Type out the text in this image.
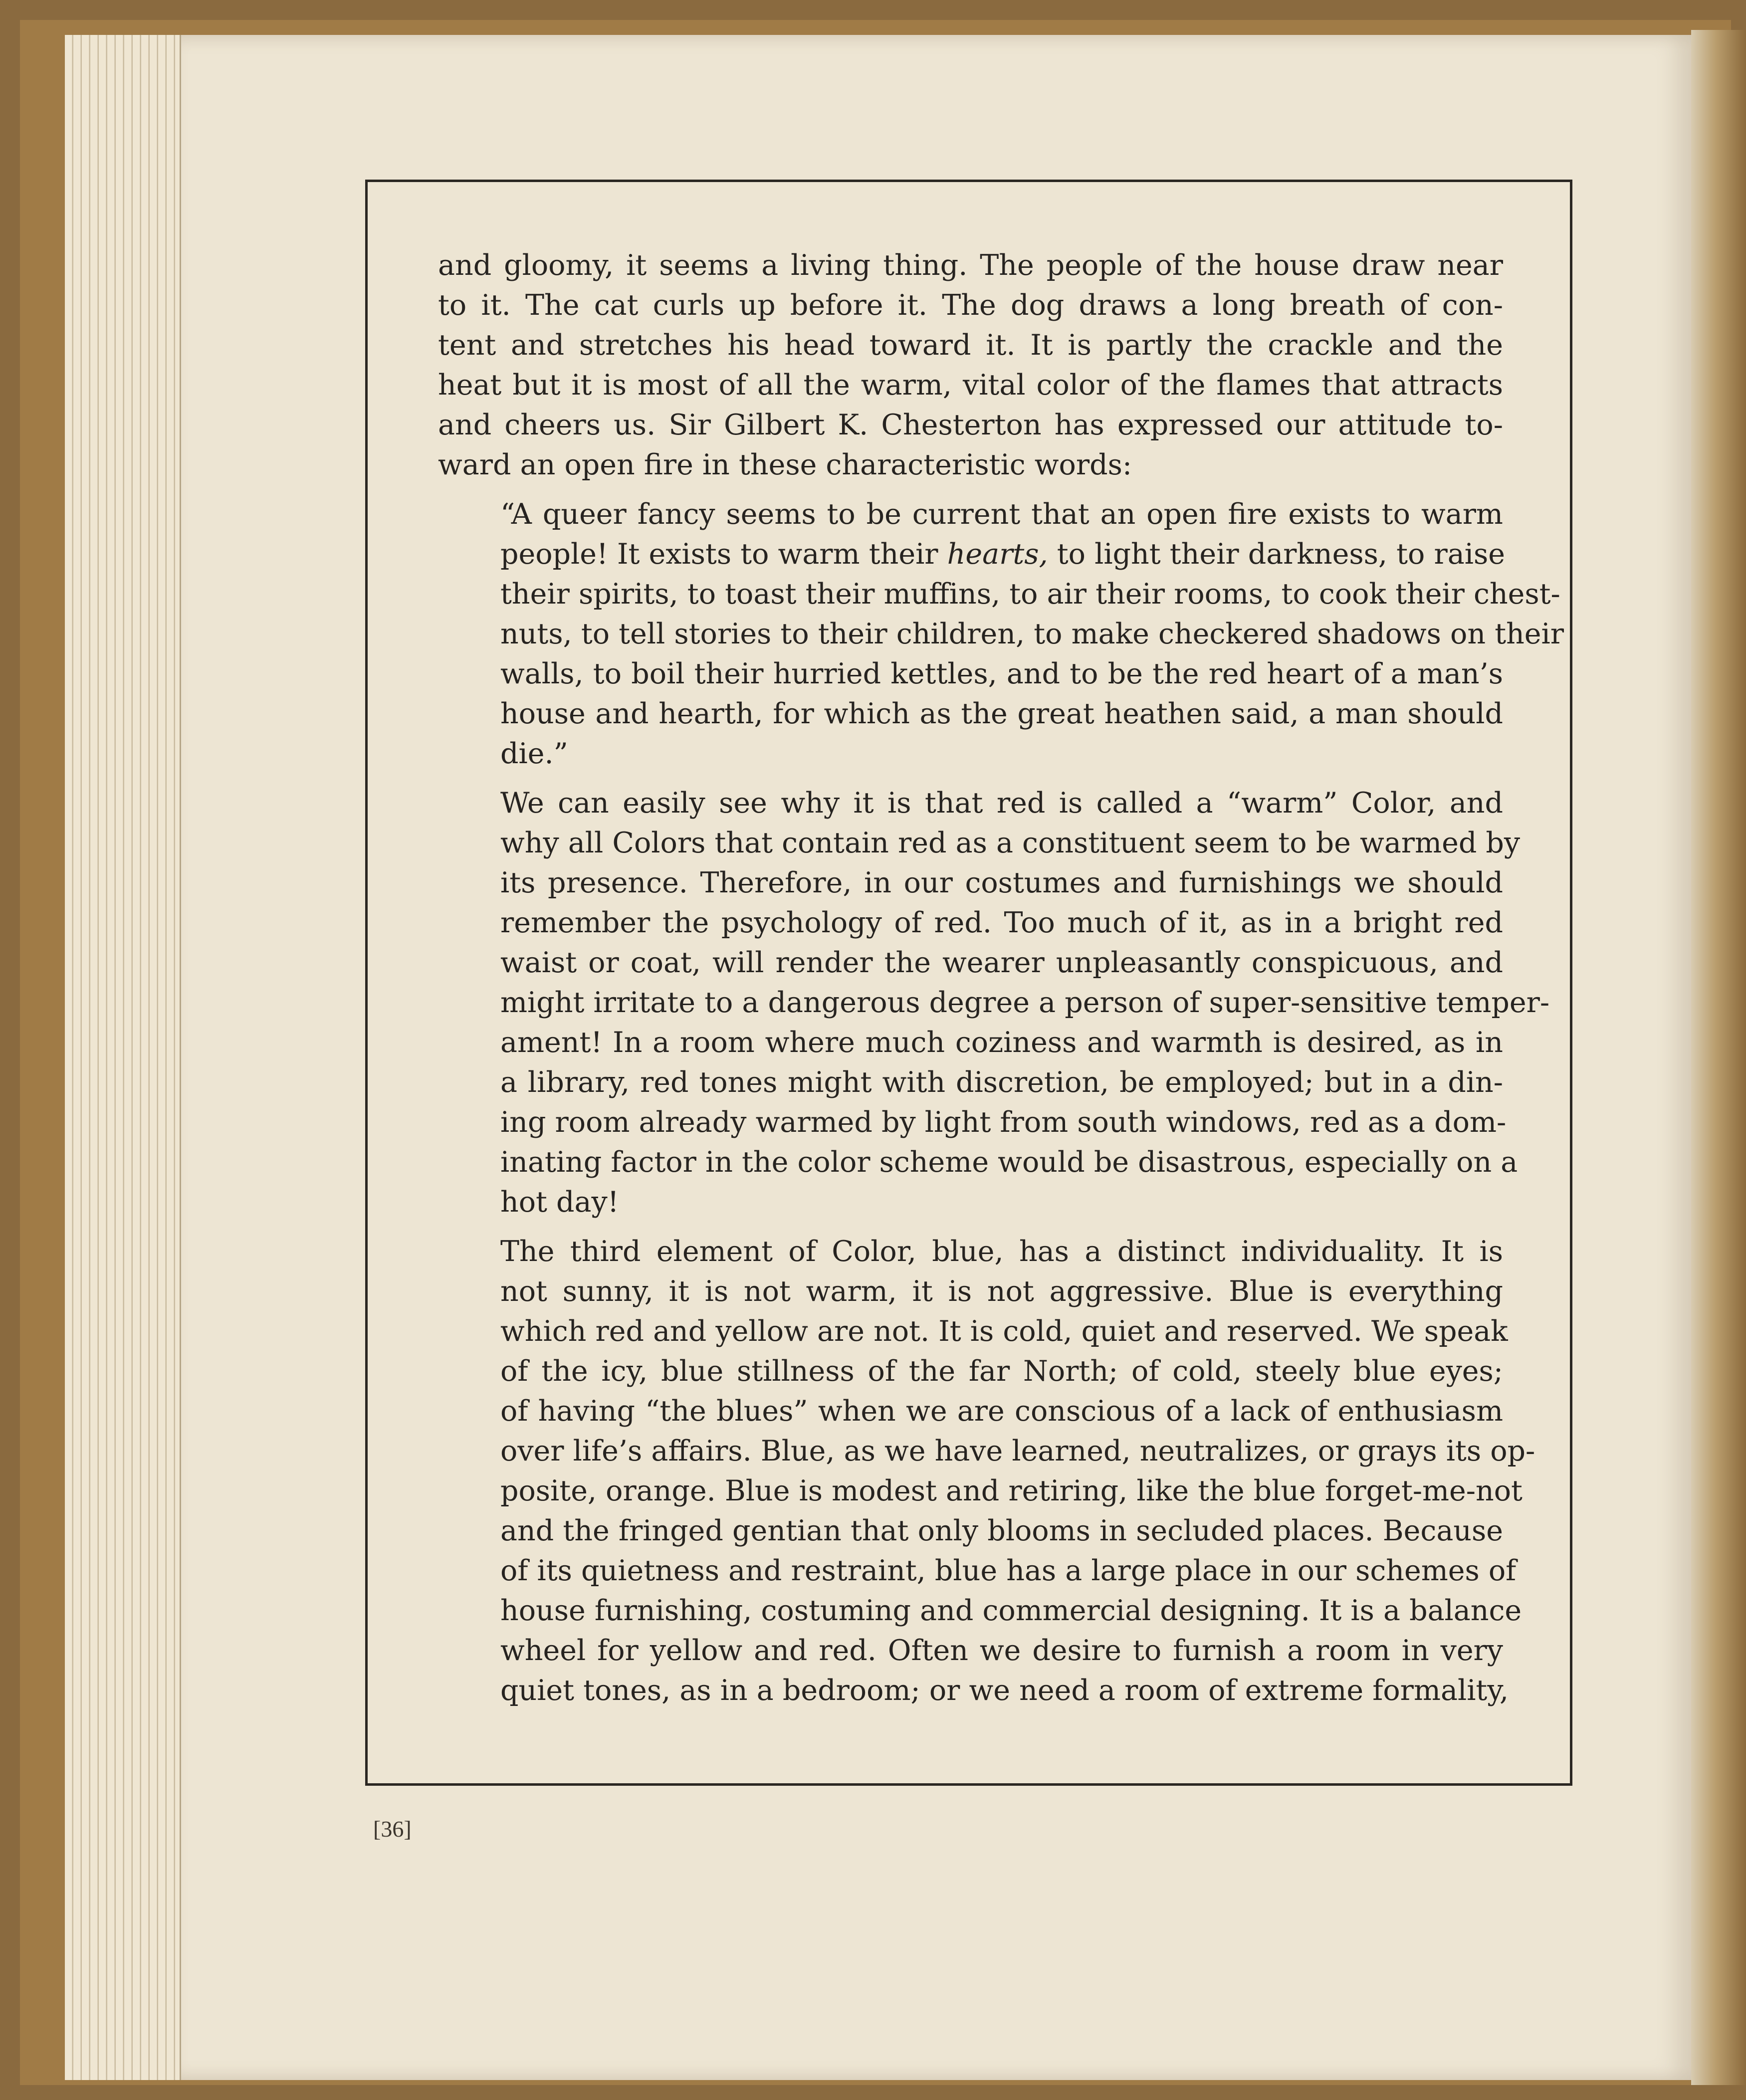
and gloomy, it seems a living thing. The people of the house draw near
to it. The cat curls up before it. The dog draws a long breath of con-
tent and stretches his head toward it. It is partly the crackle and the
heat but it is most of all the warm, vital color of the flames that attracts
and cheers us. Sir Gilbert K. Chesterton has expressed our attitude to-
ward an open fire in these characteristic words:
“A queer fancy seems to be current that an open fire exists to warm
people! It exists to warm their hearts, to light their darkness, to raise
their spirits, to toast their muffins, to air their rooms, to cook their chest-
nuts, to tell stories to their children, to make checkered shadows on their
walls, to boil their hurried kettles, and to be the red heart of a man’s
house and hearth, for which as the great heathen said, a man should
die.”
We can easily see why it is that red is called a “warm” Color, and
why all Colors that contain red as a constituent seem to be warmed by
its presence. Therefore, in our costumes and furnishings we should
remember the psychology of red. Too much of it, as in a bright red
waist or coat, will render the wearer unpleasantly conspicuous, and
might irritate to a dangerous degree a person of super-sensitive temper-
ament! In a room where much coziness and warmth is desired, as in
a library, red tones might with discretion, be employed; but in a din-
ing room already warmed by light from south windows, red as a dom-
inating factor in the color scheme would be disastrous, especially on a
hot day!
The third element of Color, blue, has a distinct individuality. It is
not sunny, it is not warm, it is not aggressive. Blue is everything
which red and yellow are not. It is cold, quiet and reserved. We speak
of the icy, blue stillness of the far North; of cold, steely blue eyes;
of having “the blues” when we are conscious of a lack of enthusiasm
over life’s affairs. Blue, as we have learned, neutralizes, or grays its op-
posite, orange. Blue is modest and retiring, like the blue forget-me-not
and the fringed gentian that only blooms in secluded places. Because
of its quietness and restraint, blue has a large place in our schemes of
house furnishing, costuming and commercial designing. It is a balance
wheel for yellow and red. Often we desire to furnish a room in very
quiet tones, as in a bedroom; or we need a room of extreme formality,
[36]
